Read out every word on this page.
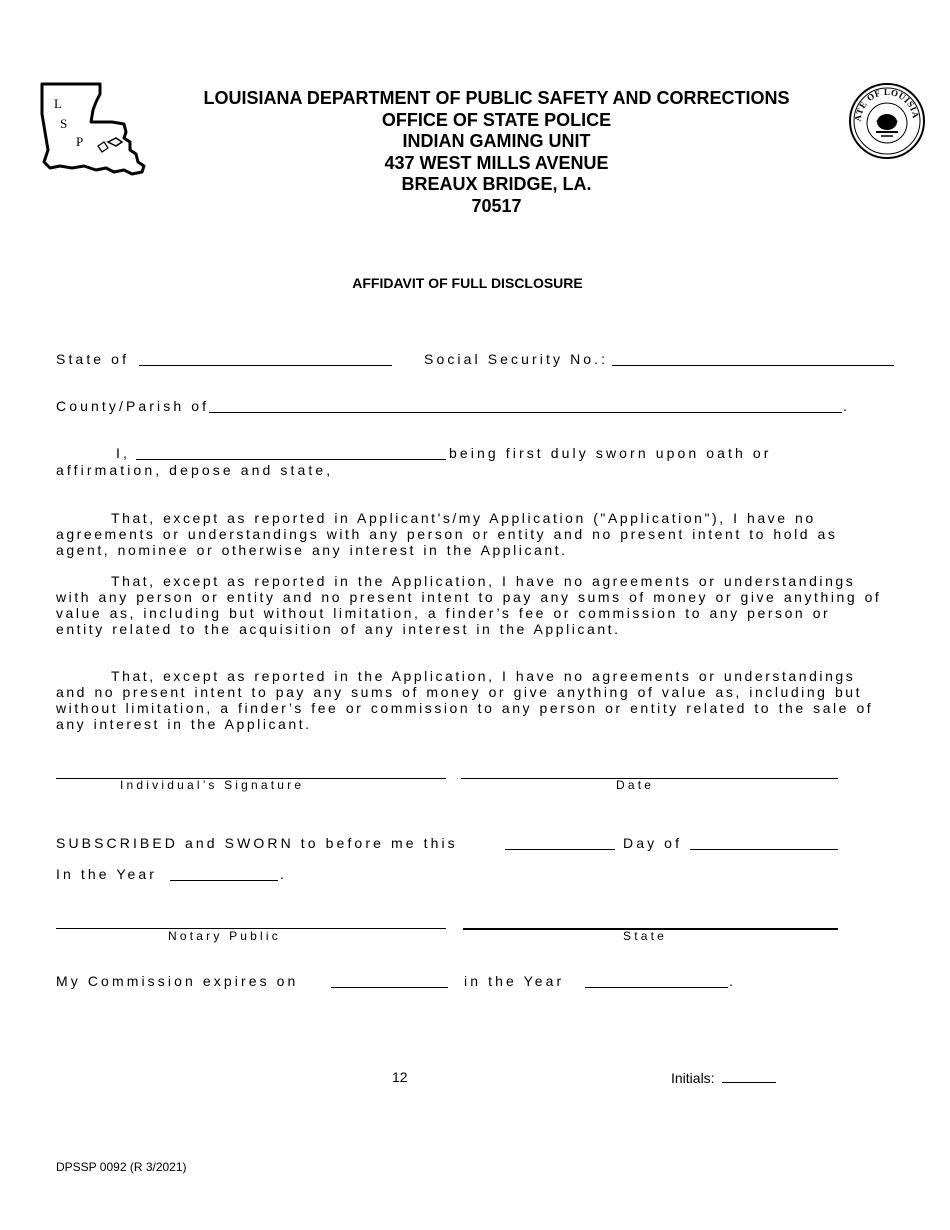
L
S
P
ATE OF LOUISIA
LOUISIANA DEPARTMENT OF PUBLIC SAFETY AND CORRECTIONS
OFFICE OF STATE POLICE
INDIAN GAMING UNIT
437 WEST MILLS AVENUE
BREAUX BRIDGE, LA.
70517
AFFIDAVIT OF FULL DISCLOSURE
State of	Social Security No.:
County/Parish of	.
I,	being first duly sworn upon oath or
affirmation, depose and state,
That, except as reported in Applicant's/my Application ("Application"), I have no agreements or understandings with any person or entity and no present intent to hold as agent, nominee or otherwise any interest in the Applicant.
That, except as reported in the Application, I have no agreements or understandings with any person or entity and no present intent to pay any sums of money or give anything of value as, including but without limitation, a finder’s fee or commission to any person or entity related to the acquisition of any interest in the Applicant.
That, except as reported in the Application, I have no agreements or understandings and no present intent to pay any sums of money or give anything of value as, including but without limitation, a finder’s fee or commission to any person or entity related to the sale of any interest in the Applicant.
Individual’s Signature	Date
SUBSCRIBED and SWORN to before me this	Day of
In the Year	.
Notary Public	State
My Commission expires on	in the Year	.
12	Initials:
DPSSP 0092 (R 3/2021)
